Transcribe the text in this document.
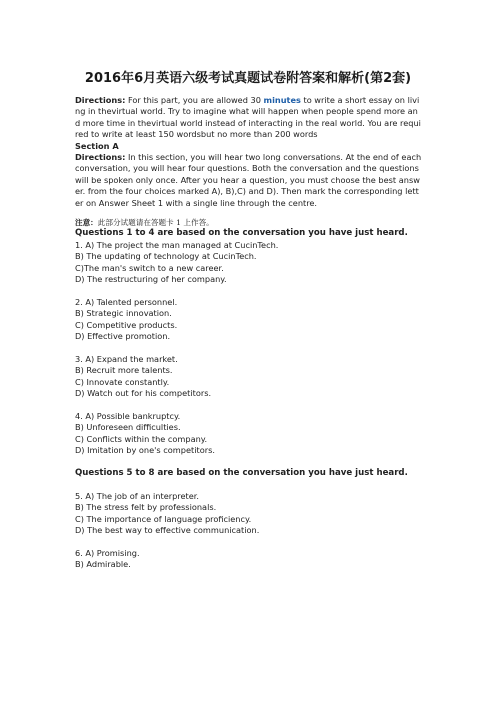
2016年6月英语六级考试真题试卷附答案和解析(第2套)

Directions: For this part, you are allowed 30 minutes to write a short essay on living in thevirtual world. Try to imagine what will happen when people spend more and more time in thevirtual world instead of interacting in the real world. You are required to write at least 150 wordsbut no more than 200 words

Section A

Directions: In this section, you will hear two long conversations. At the end of each conversation, you will hear four questions. Both the conversation and the questions will be spoken only once. After you hear a question, you must choose the best answer. from the four choices marked A), B),C) and D). Then mark the corresponding letter on Answer Sheet 1 with a single line through the centre.

注意：此部分试题请在答题卡 1 上作答。

Questions 1 to 4 are based on the conversation you have just heard.

1. A) The project the man managed at CucinTech.
B) The updating of technology at CucinTech.
C)The man's switch to a new career.
D) The restructuring of her company.
2. A) Talented personnel.
B) Strategic innovation.
C) Competitive products.
D) Effective promotion.
3. A) Expand the market.
B) Recruit more talents.
C) Innovate constantly.
D) Watch out for his competitors.
4. A) Possible bankruptcy.
B) Unforeseen difficulties.
C) Conflicts within the company.
D) Imitation by one's competitors.

Questions 5 to 8 are based on the conversation you have just heard.

5. A) The job of an interpreter.
B) The stress felt by professionals.
C) The importance of language proficiency.
D) The best way to effective communication.
6. A) Promising.
B) Admirable.
